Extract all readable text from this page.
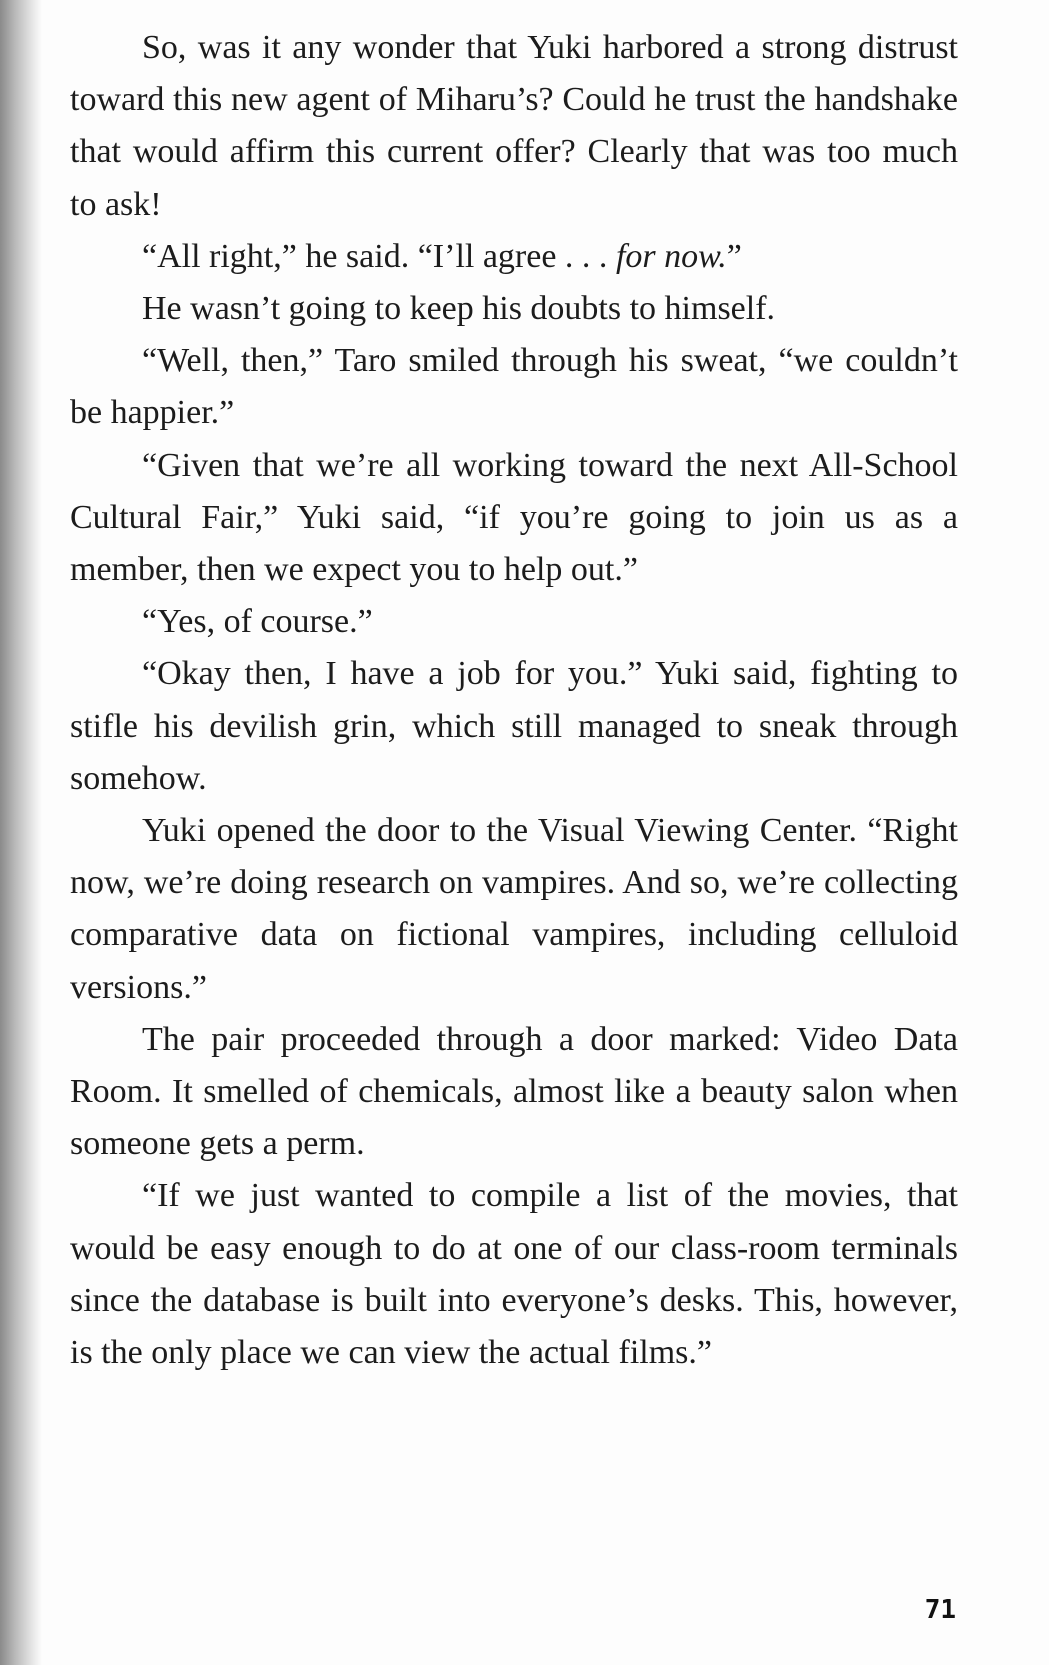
So, was it any wonder that Yuki harbored a strong distrust toward this new agent of Miharu’s? Could he trust the handshake that would affirm this current offer? Clearly that was too much to ask!

“All right,” he said. “I’ll agree . . . for now.”

He wasn’t going to keep his doubts to himself.

“Well, then,” Taro smiled through his sweat, “we couldn’t be happier.”

“Given that we’re all working toward the next All-School Cultural Fair,” Yuki said, “if you’re going to join us as a member, then we expect you to help out.”

“Yes, of course.”

“Okay then, I have a job for you.” Yuki said, fighting to stifle his devilish grin, which still managed to sneak through somehow.

Yuki opened the door to the Visual Viewing Center. “Right now, we’re doing research on vampires. And so, we’re collecting comparative data on fictional vampires, including celluloid versions.”

The pair proceeded through a door marked: Video Data Room. It smelled of chemicals, almost like a beauty salon when someone gets a perm.

“If we just wanted to compile a list of the movies, that would be easy enough to do at one of our class-room terminals since the database is built into everyone’s desks. This, however, is the only place we can view the actual films.”

71
